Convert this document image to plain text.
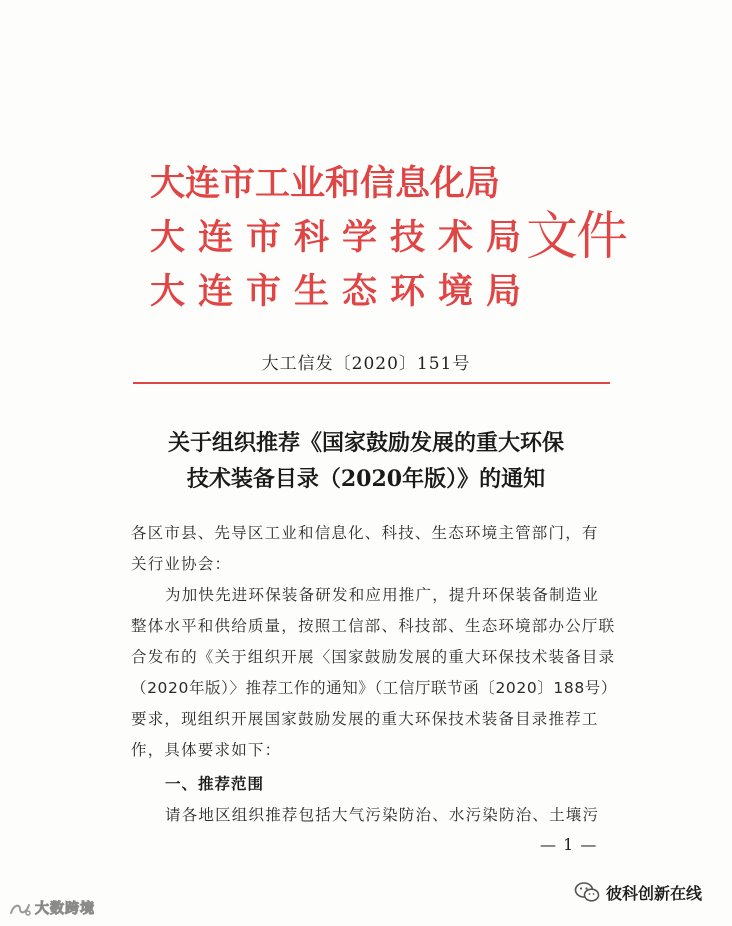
大连市工业和信息化局
大连市科学技术局
大连市生态环境局
文件
大工信发〔2020〕151号
关于组织推荐《国家鼓励发展的重大环保
技术装备目录（2020年版）》的通知
各区市县、先导区工业和信息化、科技、生态环境主管部门，有
关行业协会：
为加快先进环保装备研发和应用推广，提升环保装备制造业
整体水平和供给质量，按照工信部、科技部、生态环境部办公厅联
合发布的《关于组织开展〈国家鼓励发展的重大环保技术装备目录
（2020年版）〉推荐工作的通知》（工信厅联节函〔2020〕188号）
要求，现组织开展国家鼓励发展的重大环保技术装备目录推荐工
作，具体要求如下：
一、推荐范围
请各地区组织推荐包括大气污染防治、水污染防治、土壤污
— 1 —
大数跨境
彼科创新在线
